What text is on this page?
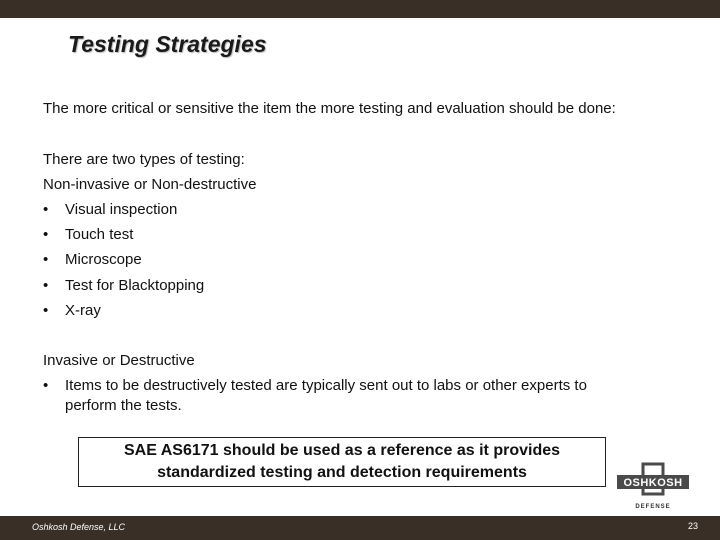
Testing Strategies
The more critical or sensitive the item the more testing and evaluation should be done:
There are two types of testing:
Non-invasive or Non-destructive
• Visual inspection
• Touch test
• Microscope
• Test for Blacktopping
• X-ray
Invasive or Destructive
• Items to be destructively tested are typically sent out to labs or other experts to perform the tests.
SAE AS6171 should be used as a reference as it provides standardized testing and detection requirements
OSHKOSH
DEFENSE
Oshkosh Defense, LLC	23
